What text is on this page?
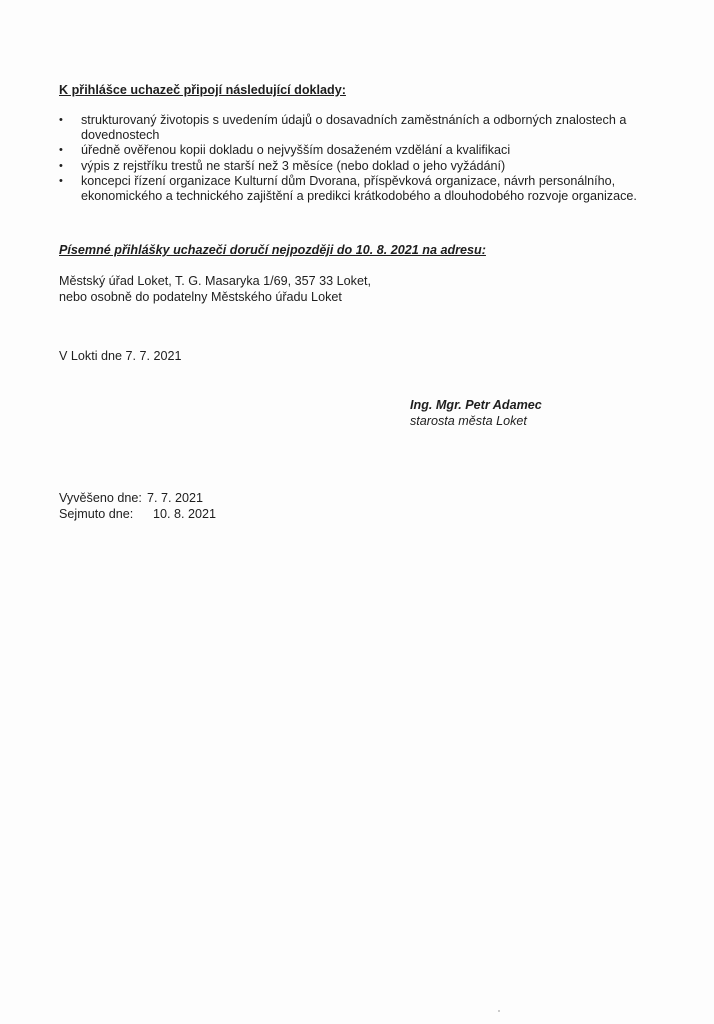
K přihlášce uchazeč připojí následující doklady:
• strukturovaný životopis s uvedením údajů o dosavadních zaměstnáních a odborných znalostech a dovednostech
• úředně ověřenou kopii dokladu o nejvyšším dosaženém vzdělání a kvalifikaci
• výpis z rejstříku trestů ne starší než 3 měsíce (nebo doklad o jeho vyžádání)
• koncepci řízení organizace Kulturní dům Dvorana, příspěvková organizace, návrh personálního, ekonomického a technického zajištění a predikci krátkodobého a dlouhodobého rozvoje organizace.
Písemné přihlášky uchazeči doručí nejpozději do 10. 8. 2021 na adresu:
Městský úřad Loket, T. G. Masaryka 1/69, 357 33 Loket,
nebo osobně do podatelny Městského úřadu Loket
V Lokti dne 7. 7. 2021
Ing. Mgr. Petr Adamec
starosta města Loket
Vyvěšeno dne: 7. 7. 2021
Sejmuto dne: 10. 8. 2021
